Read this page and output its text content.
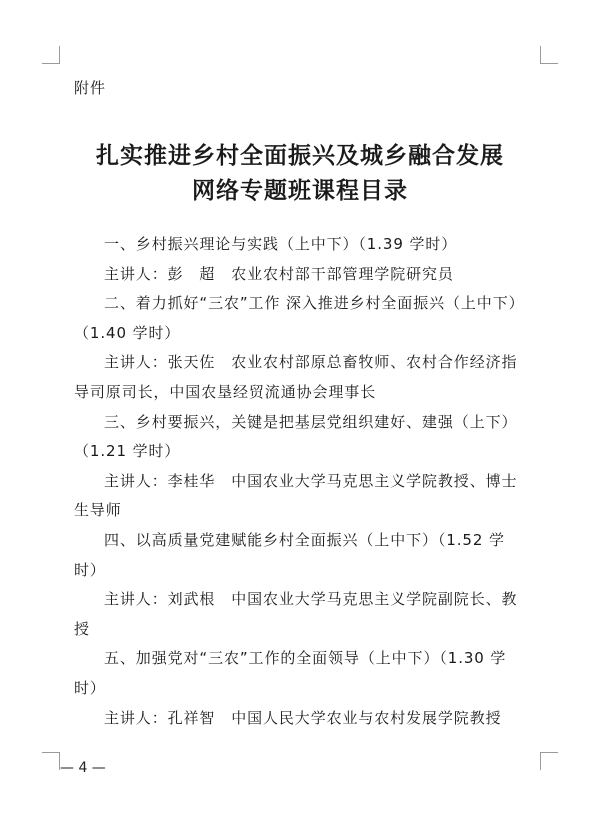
附件
扎实推进乡村全面振兴及城乡融合发展
网络专题班课程目录

一、乡村振兴理论与实践（上中下）（1.39 学时）

主讲人：彭　超　农业农村部干部管理学院研究员

二、着力抓好“三农”工作 深入推进乡村全面振兴（上中下）（1.40 学时）

主讲人：张天佐　农业农村部原总畜牧师、农村合作经济指导司原司长，中国农垦经贸流通协会理事长

三、乡村要振兴，关键是把基层党组织建好、建强（上下）（1.21 学时）

主讲人：李桂华　中国农业大学马克思主义学院教授、博士生导师

四、以高质量党建赋能乡村全面振兴（上中下）（1.52 学时）

主讲人：刘武根　中国农业大学马克思主义学院副院长、教授

五、加强党对“三农”工作的全面领导（上中下）（1.30 学时）

主讲人：孔祥智　中国人民大学农业与农村发展学院教授

— 4 —
